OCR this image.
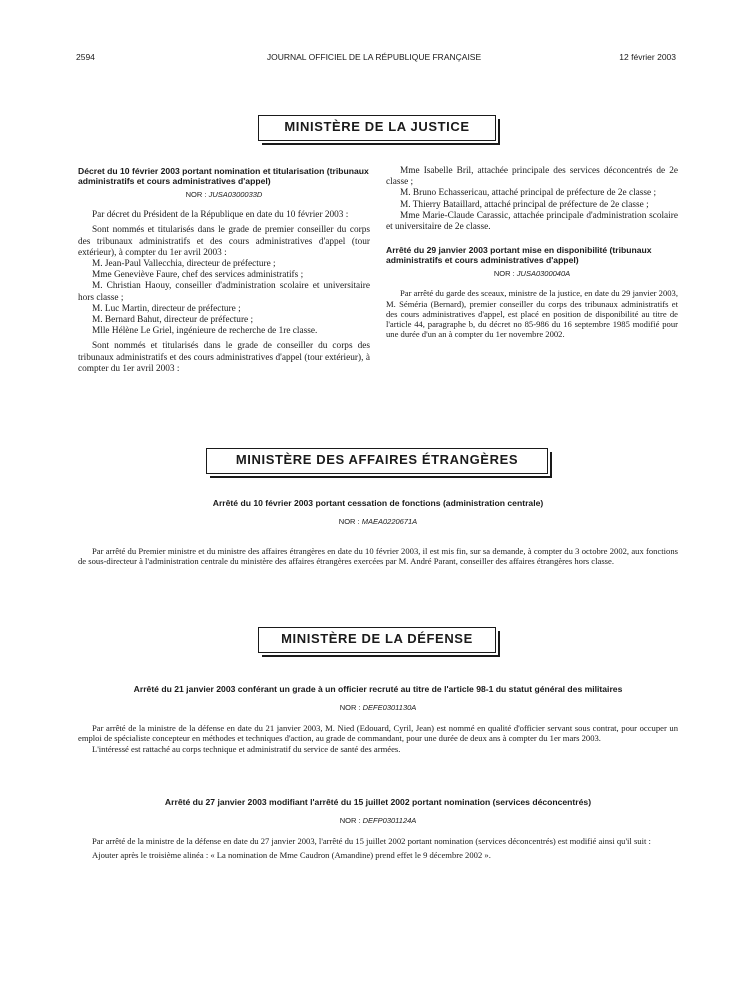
2594	JOURNAL OFFICIEL DE LA RÉPUBLIQUE FRANÇAISE	12 février 2003
MINISTÈRE DE LA JUSTICE
Décret du 10 février 2003 portant nomination et titularisation (tribunaux administratifs et cours administratives d'appel)
NOR : JUSA0300033D

Par décret du Président de la République en date du 10 février 2003 :

Sont nommés et titularisés dans le grade de premier conseiller du corps des tribunaux administratifs et des cours administratives d'appel (tour extérieur), à compter du 1er avril 2003 :

M. Jean-Paul Vallecchia, directeur de préfecture ;

Mme Geneviève Faure, chef des services administratifs ;

M. Christian Haouy, conseiller d'administration scolaire et universitaire hors classe ;

M. Luc Martin, directeur de préfecture ;

M. Bernard Bahut, directeur de préfecture ;

Mlle Hélène Le Griel, ingénieure de recherche de 1re classe.

Sont nommés et titularisés dans le grade de conseiller du corps des tribunaux administratifs et des cours administratives d'appel (tour extérieur), à compter du 1er avril 2003 :

Mme Isabelle Bril, attachée principale des services déconcentrés de 2e classe ;

M. Bruno Echassericau, attaché principal de préfecture de 2e classe ;

M. Thierry Bataillard, attaché principal de préfecture de 2e classe ;

Mme Marie-Claude Carassic, attachée principale d'administration scolaire et universitaire de 2e classe.

Arrêté du 29 janvier 2003 portant mise en disponibilité (tribunaux administratifs et cours administratives d'appel)
NOR : JUSA0300040A

Par arrêté du garde des sceaux, ministre de la justice, en date du 29 janvier 2003, M. Séméria (Bernard), premier conseiller du corps des tribunaux administratifs et des cours administratives d'appel, est placé en position de disponibilité au titre de l'article 44, paragraphe b, du décret no 85-986 du 16 septembre 1985 modifié pour une durée d'un an à compter du 1er novembre 2002.

MINISTÈRE DES AFFAIRES ÉTRANGÈRES
Arrêté du 10 février 2003 portant cessation de fonctions (administration centrale)
NOR : MAEA0220671A

Par arrêté du Premier ministre et du ministre des affaires étrangères en date du 10 février 2003, il est mis fin, sur sa demande, à compter du 3 octobre 2002, aux fonctions de sous-directeur à l'administration centrale du ministère des affaires étrangères exercées par M. André Parant, conseiller des affaires étrangères hors classe.

MINISTÈRE DE LA DÉFENSE
Arrêté du 21 janvier 2003 conférant un grade à un officier recruté au titre de l'article 98-1 du statut général des militaires
NOR : DEFE0301130A

Par arrêté de la ministre de la défense en date du 21 janvier 2003, M. Nied (Edouard, Cyril, Jean) est nommé en qualité d'officier servant sous contrat, pour occuper un emploi de spécialiste concepteur en méthodes et techniques d'action, au grade de commandant, pour une durée de deux ans à compter du 1er mars 2003.

L'intéressé est rattaché au corps technique et administratif du service de santé des armées.

Arrêté du 27 janvier 2003 modifiant l'arrêté du 15 juillet 2002 portant nomination (services déconcentrés)
NOR : DEFP0301124A

Par arrêté de la ministre de la défense en date du 27 janvier 2003, l'arrêté du 15 juillet 2002 portant nomination (services déconcentrés) est modifié ainsi qu'il suit :

Ajouter après le troisième alinéa : « La nomination de Mme Caudron (Amandine) prend effet le 9 décembre 2002 ».
